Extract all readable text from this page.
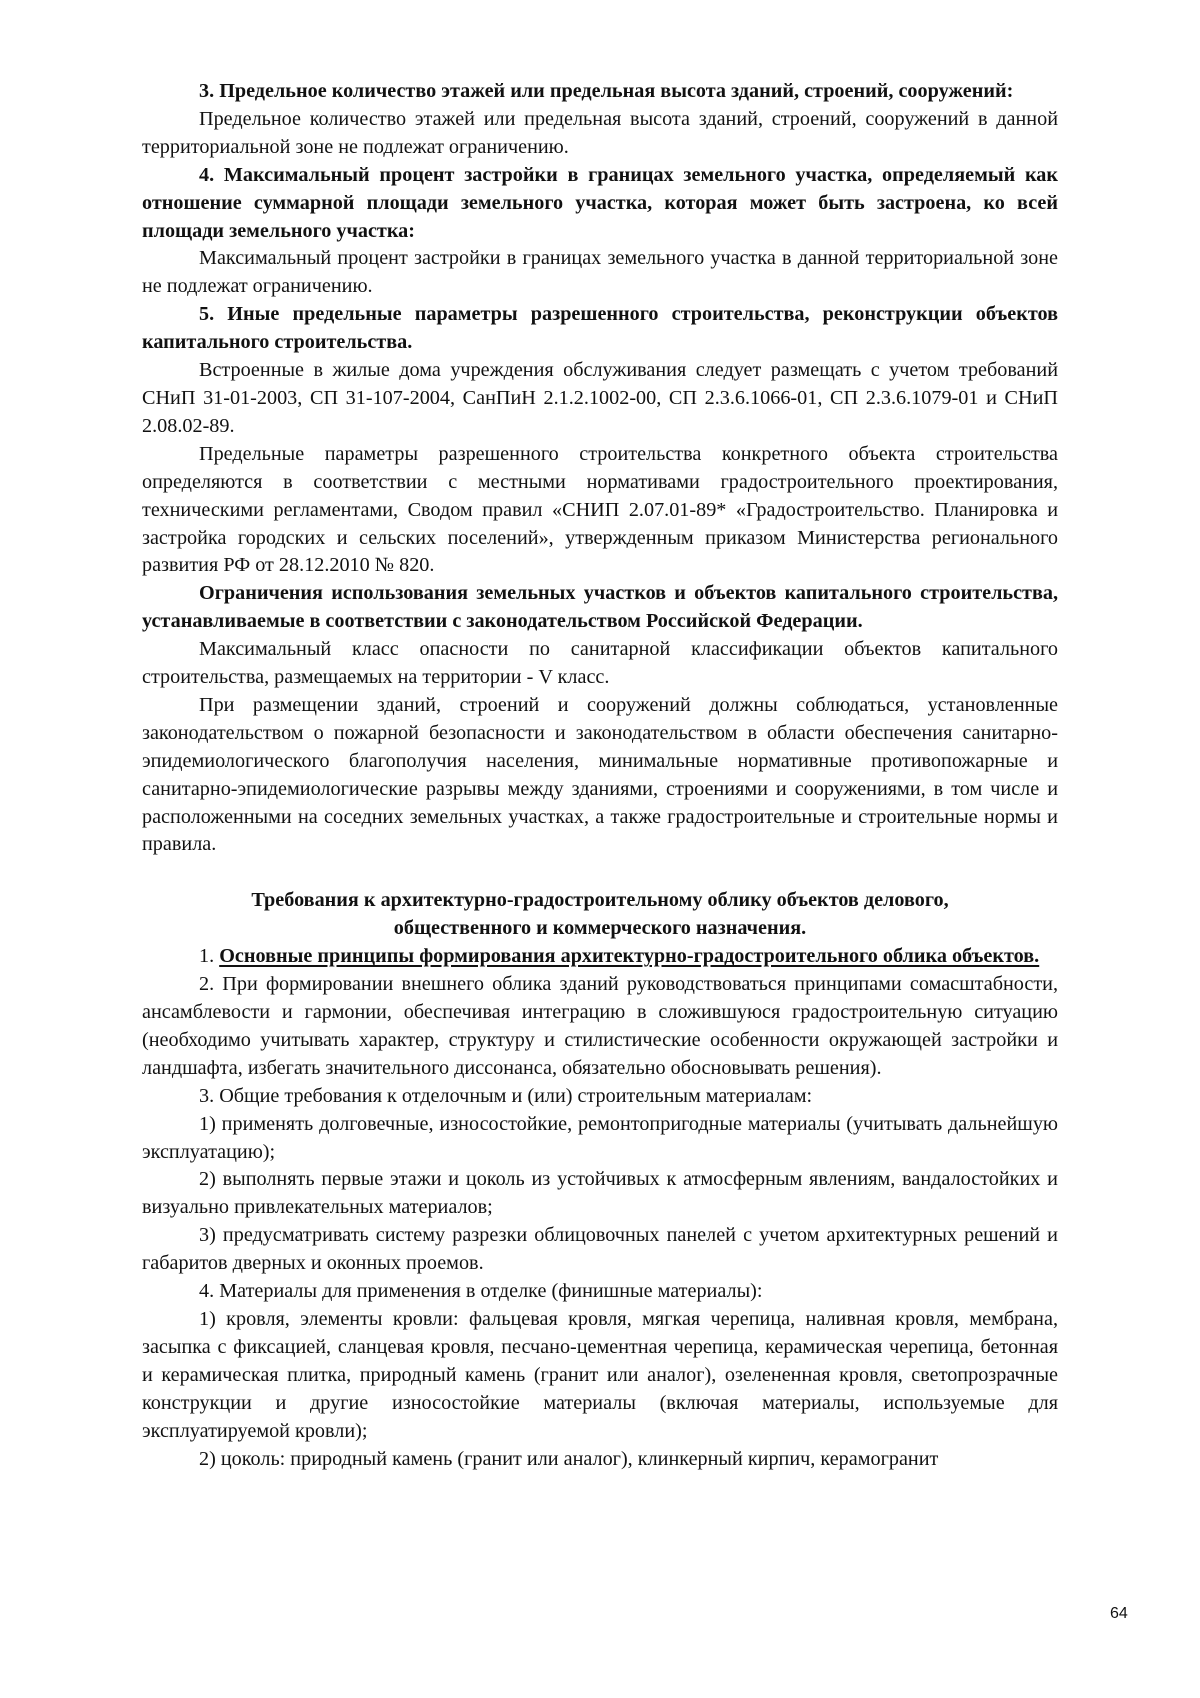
3. Предельное количество этажей или предельная высота зданий, строений, сооружений:

Предельное количество этажей или предельная высота зданий, строений, сооружений в данной территориальной зоне не подлежат ограничению.

4. Максимальный процент застройки в границах земельного участка, определяемый как отношение суммарной площади земельного участка, которая может быть застроена, ко всей площади земельного участка:

Максимальный процент застройки в границах земельного участка в данной территориальной зоне не подлежат ограничению.

5. Иные предельные параметры разрешенного строительства, реконструкции объектов капитального строительства.

Встроенные в жилые дома учреждения обслуживания следует размещать с учетом требований СНиП 31-01-2003, СП 31-107-2004, СанПиН 2.1.2.1002-00, СП 2.3.6.1066-01, СП 2.3.6.1079-01 и СНиП 2.08.02-89.

Предельные параметры разрешенного строительства конкретного объекта строительства определяются в соответствии с местными нормативами градостроительного проектирования, техническими регламентами, Сводом правил «СНИП 2.07.01-89* «Градостроительство. Планировка и застройка городских и сельских поселений», утвержденным приказом Министерства регионального развития РФ от 28.12.2010 № 820.

Ограничения использования земельных участков и объектов капитального строительства, устанавливаемые в соответствии с законодательством Российской Федерации.

Максимальный класс опасности по санитарной классификации объектов капитального строительства, размещаемых на территории - V класс.

При размещении зданий, строений и сооружений должны соблюдаться, установленные законодательством о пожарной безопасности и законодательством в области обеспечения санитарно-эпидемиологического благополучия населения, минимальные нормативные противопожарные и санитарно-эпидемиологические разрывы между зданиями, строениями и сооружениями, в том числе и расположенными на соседних земельных участках, а также градостроительные и строительные нормы и правила.

Требования к архитектурно-градостроительному облику объектов делового,
общественного и коммерческого назначения.

1. Основные принципы формирования архитектурно-градостроительного облика объектов.

2. При формировании внешнего облика зданий руководствоваться принципами сомасштабности, ансамблевости и гармонии, обеспечивая интеграцию в сложившуюся градостроительную ситуацию (необходимо учитывать характер, структуру и стилистические особенности окружающей застройки и ландшафта, избегать значительного диссонанса, обязательно обосновывать решения).

3. Общие требования к отделочным и (или) строительным материалам:

1) применять долговечные, износостойкие, ремонтопригодные материалы (учитывать дальнейшую эксплуатацию);

2) выполнять первые этажи и цоколь из устойчивых к атмосферным явлениям, вандалостойких и визуально привлекательных материалов;

3) предусматривать систему разрезки облицовочных панелей с учетом архитектурных решений и габаритов дверных и оконных проемов.

4. Материалы для применения в отделке (финишные материалы):

1) кровля, элементы кровли: фальцевая кровля, мягкая черепица, наливная кровля, мембрана, засыпка с фиксацией, сланцевая кровля, песчано-цементная черепица, керамическая черепица, бетонная и керамическая плитка, природный камень (гранит или аналог), озелененная кровля, светопрозрачные конструкции и другие износостойкие материалы (включая материалы, используемые для эксплуатируемой кровли);

2) цоколь: природный камень (гранит или аналог), клинкерный кирпич, керамогранит

64
